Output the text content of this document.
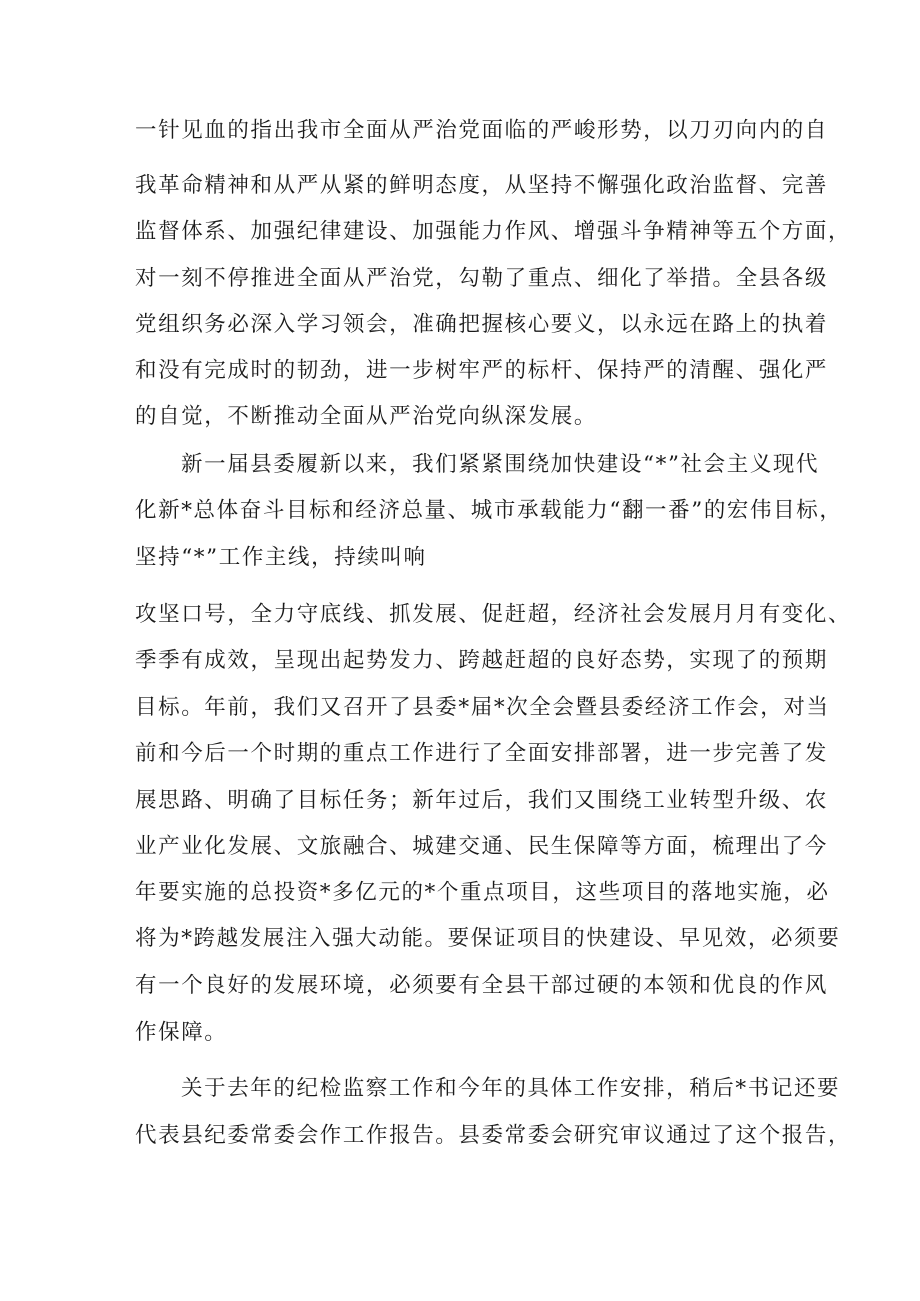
一针见血的指出我市全面从严治党面临的严峻形势，以刀刃向内的自

我革命精神和从严从紧的鲜明态度，从坚持不懈强化政治监督、完善

监督体系、加强纪律建设、加强能力作风、增强斗争精神等五个方面，

对一刻不停推进全面从严治党，勾勒了重点、细化了举措。全县各级

党组织务必深入学习领会，准确把握核心要义，以永远在路上的执着

和没有完成时的韧劲，进一步树牢严的标杆、保持严的清醒、强化严

的自觉，不断推动全面从严治党向纵深发展。

新一届县委履新以来，我们紧紧围绕加快建设“*”社会主义现代

化新*总体奋斗目标和经济总量、城市承载能力“翻一番”的宏伟目标，

坚持“*”工作主线，持续叫响

攻坚口号，全力守底线、抓发展、促赶超，经济社会发展月月有变化、

季季有成效，呈现出起势发力、跨越赶超的良好态势，实现了的预期

目标。年前，我们又召开了县委*届*次全会暨县委经济工作会，对当

前和今后一个时期的重点工作进行了全面安排部署，进一步完善了发

展思路、明确了目标任务；新年过后，我们又围绕工业转型升级、农

业产业化发展、文旅融合、城建交通、民生保障等方面，梳理出了今

年要实施的总投资*多亿元的*个重点项目，这些项目的落地实施，必

将为*跨越发展注入强大动能。要保证项目的快建设、早见效，必须要

有一个良好的发展环境，必须要有全县干部过硬的本领和优良的作风

作保障。

关于去年的纪检监察工作和今年的具体工作安排，稍后*书记还要

代表县纪委常委会作工作报告。县委常委会研究审议通过了这个报告，
